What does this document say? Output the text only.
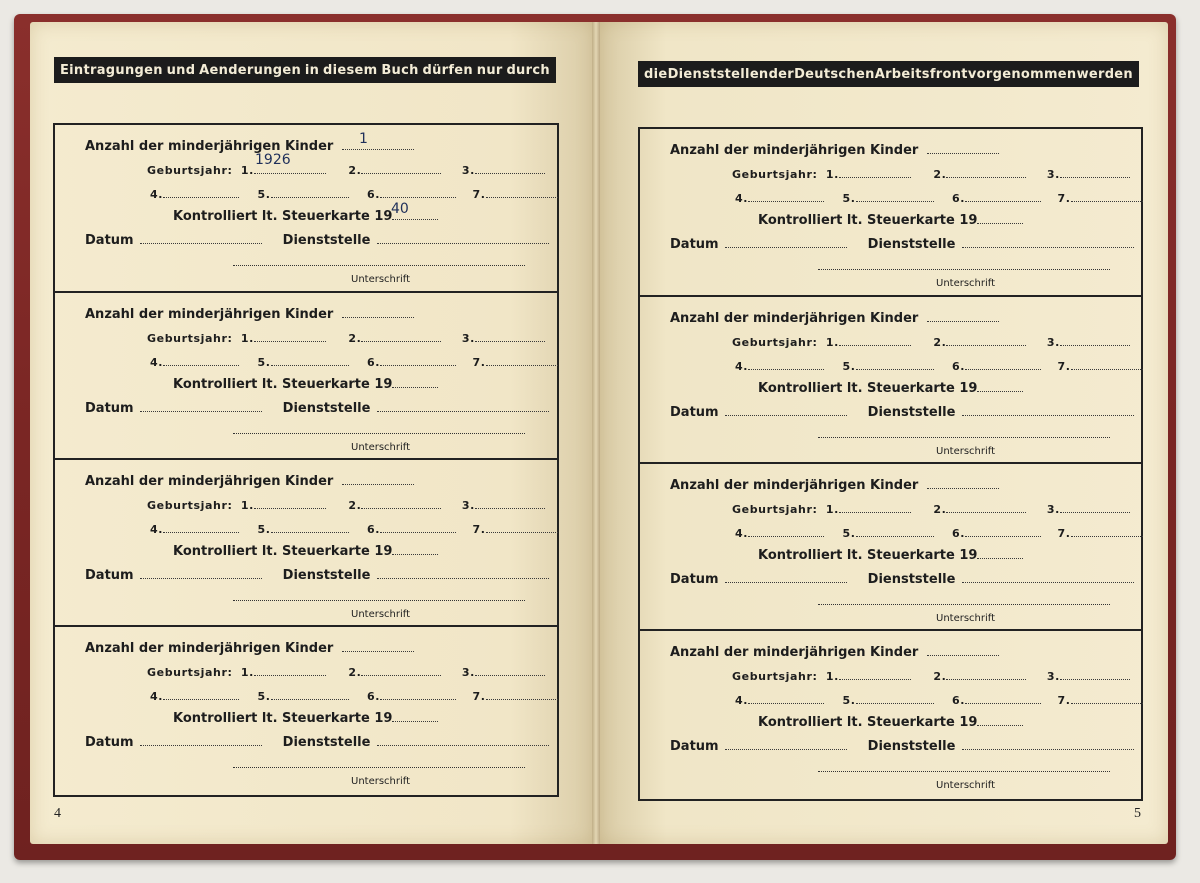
Eintragungen und Aenderungen in diesem Buch dürfen nur durch	die Dienststellen der Deutschen Arbeitsfront vorgenommen werden
Anzahl der minderjährigen Kinder
Geburtsjahr: 1.	2.	3.
4.	5.	6.	7.
Kontrolliert lt. Steuerkarte 19
Datum	Dienststelle
Unterschrift
1
1926
40
Anzahl der minderjährigen Kinder
Geburtsjahr: 1.	2.	3.
4.	5.	6.	7.
Kontrolliert lt. Steuerkarte 19
Datum	Dienststelle
Unterschrift
Anzahl der minderjährigen Kinder
Geburtsjahr: 1.	2.	3.
4.	5.	6.	7.
Kontrolliert lt. Steuerkarte 19
Datum	Dienststelle
Unterschrift
Anzahl der minderjährigen Kinder
Geburtsjahr: 1.	2.	3.
4.	5.	6.	7.
Kontrolliert lt. Steuerkarte 19
Datum	Dienststelle
Unterschrift
Anzahl der minderjährigen Kinder
Geburtsjahr: 1.	2.	3.
4.	5.	6.	7.
Kontrolliert lt. Steuerkarte 19
Datum	Dienststelle
Unterschrift
Anzahl der minderjährigen Kinder
Geburtsjahr: 1.	2.	3.
4.	5.	6.	7.
Kontrolliert lt. Steuerkarte 19
Datum	Dienststelle
Unterschrift
Anzahl der minderjährigen Kinder
Geburtsjahr: 1.	2.	3.
4.	5.	6.	7.
Kontrolliert lt. Steuerkarte 19
Datum	Dienststelle
Unterschrift
Anzahl der minderjährigen Kinder
Geburtsjahr: 1.	2.	3.
4.	5.	6.	7.
Kontrolliert lt. Steuerkarte 19
Datum	Dienststelle
Unterschrift
4	5
